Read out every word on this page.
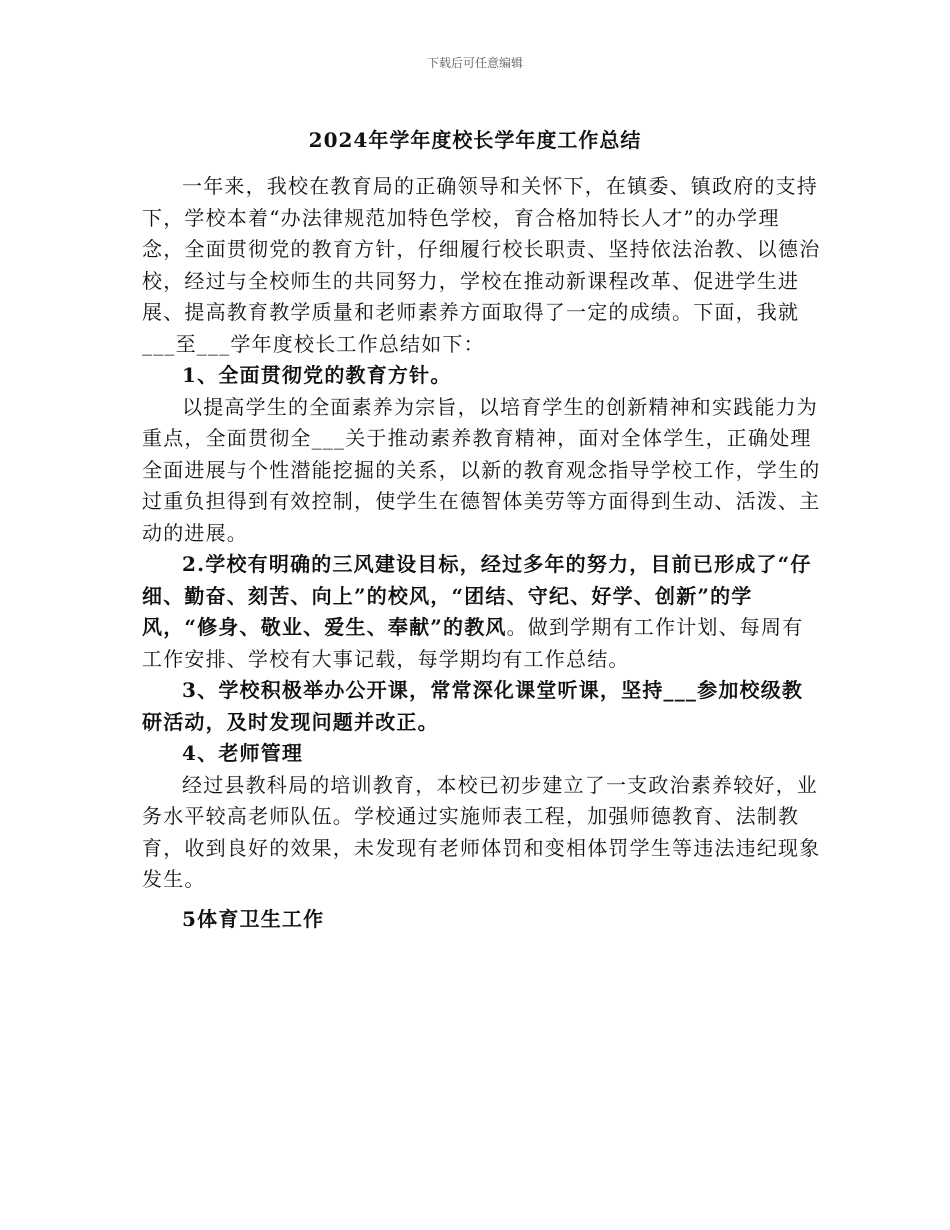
下载后可任意编辑
2024年学年度校长学年度工作总结

一年来，我校在教育局的正确领导和关怀下，在镇委、镇政府的支持下，学校本着“办法律规范加特色学校，育合格加特长人才”的办学理念，全面贯彻党的教育方针，仔细履行校长职责、坚持依法治教、以德治校，经过与全校师生的共同努力，学校在推动新课程改革、促进学生进展、提高教育教学质量和老师素养方面取得了一定的成绩。下面，我就___至___学年度校长工作总结如下：

1、全面贯彻党的教育方针。

以提高学生的全面素养为宗旨，以培育学生的创新精神和实践能力为重点，全面贯彻全___关于推动素养教育精神，面对全体学生，正确处理全面进展与个性潜能挖掘的关系，以新的教育观念指导学校工作，学生的过重负担得到有效控制，使学生在德智体美劳等方面得到生动、活泼、主动的进展。

2.学校有明确的三风建设目标，经过多年的努力，目前已形成了“仔细、勤奋、刻苦、向上”的校风，“团结、守纪、好学、创新”的学风，“修身、敬业、爱生、奉献”的教风。做到学期有工作计划、每周有工作安排、学校有大事记载，每学期均有工作总结。

3、学校积极举办公开课，常常深化课堂听课，坚持___参加校级教研活动，及时发现问题并改正。

4、老师管理

经过县教科局的培训教育，本校已初步建立了一支政治素养较好，业务水平较高老师队伍。学校通过实施师表工程，加强师德教育、法制教育，收到良好的效果，未发现有老师体罚和变相体罚学生等违法违纪现象发生。

5体育卫生工作
